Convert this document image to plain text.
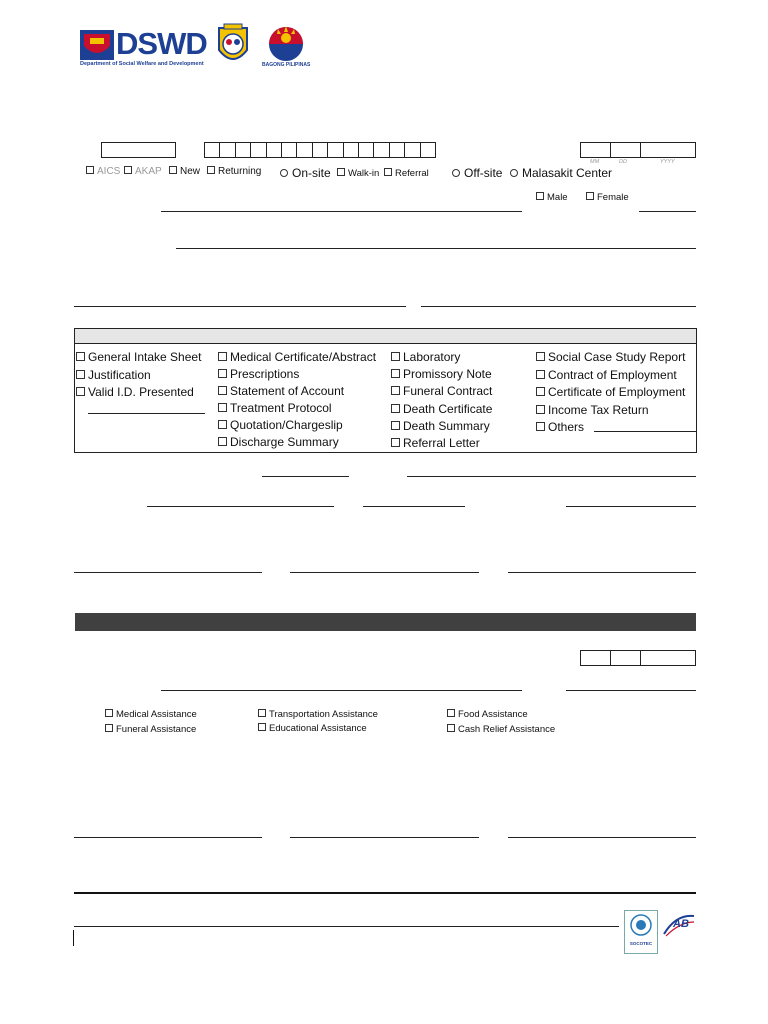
DSWD
Department of Social Welfare and Development	BAGONG PILIPINAS
MM	DD	YYYY
AICS	AKAP	New	Returning	On-site	Walk-in	Referral	Off-site	Malasakit Center
Male	Female
General Intake Sheet
Justification
Valid I.D. Presented
Medical Certificate/Abstract
Prescriptions
Statement of Account
Treatment Protocol
Quotation/Chargeslip
Discharge Summary
Laboratory
Promissory Note
Funeral Contract
Death Certificate
Death Summary
Referral Letter
Social Case Study Report
Contract of Employment
Certificate of Employment
Income Tax Return
Others
Medical Assistance
Funeral Assistance
Transportation Assistance
Educational Assistance
Food Assistance
Cash Relief Assistance
SOCOTEC
AB
